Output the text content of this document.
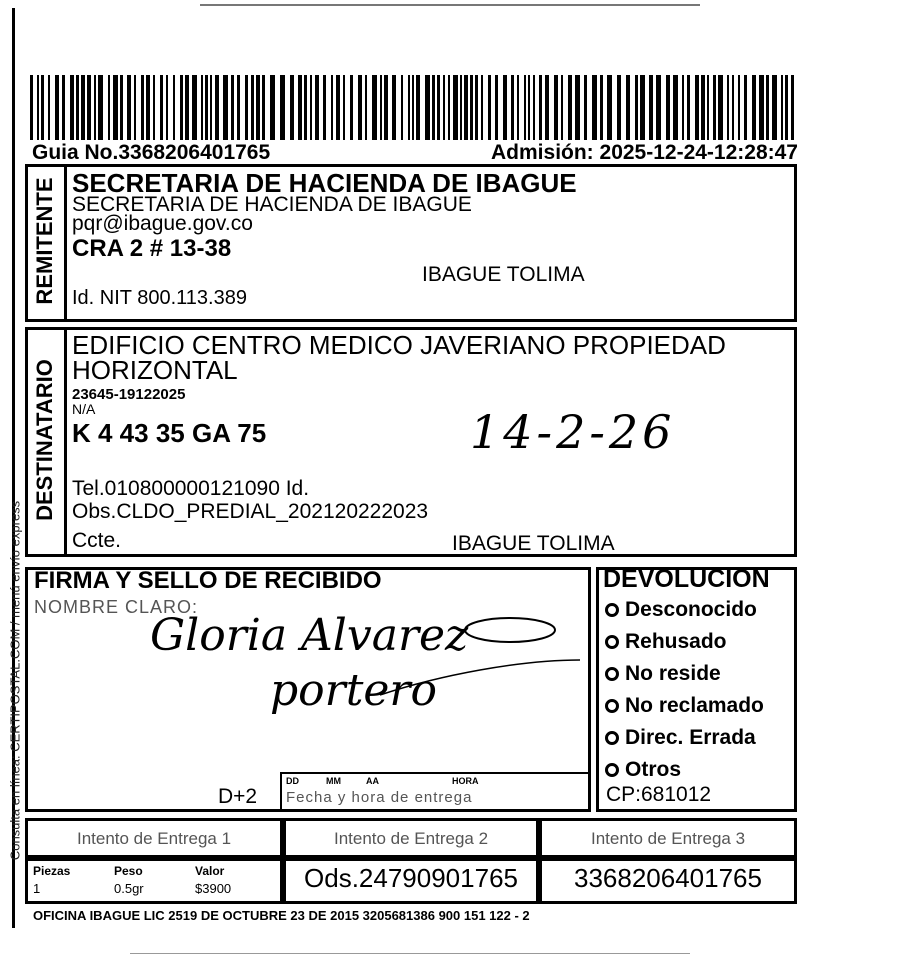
Guia No.3368206401765	Admisión: 2025-12-24-12:28:47
Consulta en línea: CERTIPOSTAL.COM / menú envío express
REMITENTE SECRETARIA DE HACIENDA DE IBAGUE
SECRETARIA DE HACIENDA DE IBAGUE
pqr@ibague.gov.co
CRA 2 # 13-38
IBAGUE TOLIMA
Id. NIT 800.113.389
DESTINATARIO
EDIFICIO CENTRO MEDICO JAVERIANO PROPIEDAD HORIZONTAL
23645-19122025
N/A
K 4 43 35 GA 75	14-2-26
Tel.010800000121090 Id.
Obs.CLDO_PREDIAL_202120222023
Ccte.	IBAGUE TOLIMA
FIRMA Y SELLO DE RECIBIDO
NOMBRE CLARO:
Gloria Alvarez
portero
D+2
DD	MM	AA	HORA
Fecha y hora de entrega
DEVOLUCION
Desconocido
Rehusado
No reside
No reclamado
Direc. Errada
Otros
CP:681012
Intento de Entrega 1	Intento de Entrega 2	Intento de Entrega 3
Piezas	Peso	Valor
1	0.5gr	$3900	Ods.24790901765	3368206401765
OFICINA IBAGUE LIC 2519 DE OCTUBRE 23 DE 2015 3205681386 900 151 122 - 2
